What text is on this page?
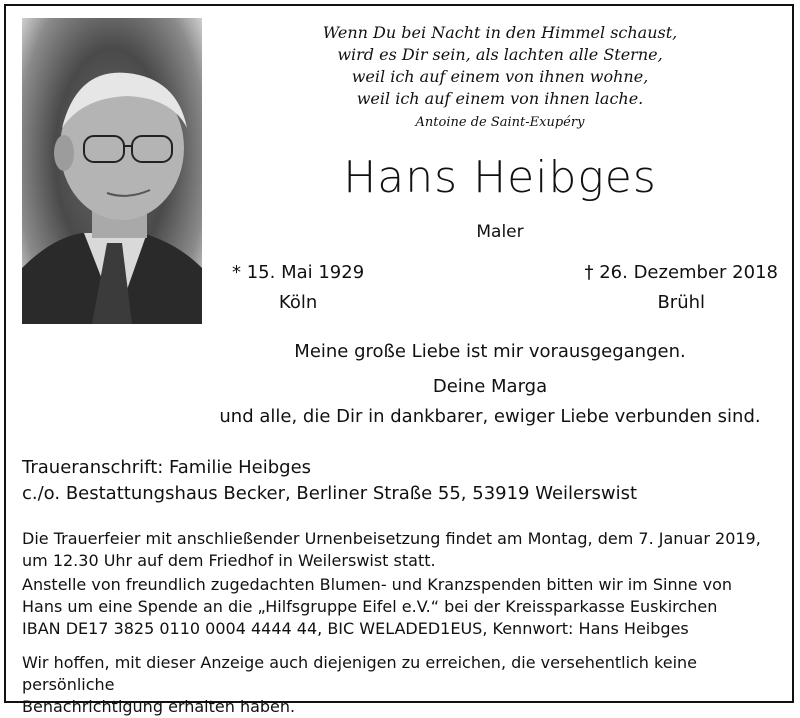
Wenn Du bei Nacht in den Himmel schaust,
wird es Dir sein, als lachten alle Sterne,
weil ich auf einem von ihnen wohne,
weil ich auf einem von ihnen lache.
Antoine de Saint-Exupéry
Hans Heibges
Maler
* 15. Mai 1929
Köln
† 26. Dezember 2018
Brühl
Meine große Liebe ist mir vorausgegangen.
Deine Marga
und alle, die Dir in dankbarer, ewiger Liebe verbunden sind.
Traueranschrift: Familie Heibges
c./o. Bestattungshaus Becker, Berliner Straße 55, 53919 Weilerswist
Die Trauerfeier mit anschließender Urnenbeisetzung findet am Montag, dem 7. Januar 2019,
um 12.30 Uhr auf dem Friedhof in Weilerswist statt.
Anstelle von freundlich zugedachten Blumen- und Kranzspenden bitten wir im Sinne von
Hans um eine Spende an die „Hilfsgruppe Eifel e.V.“ bei der Kreissparkasse Euskirchen
IBAN DE17 3825 0110 0004 4444 44, BIC WELADED1EUS, Kennwort: Hans Heibges
Wir hoffen, mit dieser Anzeige auch diejenigen zu erreichen, die versehentlich keine persönliche
Benachrichtigung erhalten haben.
